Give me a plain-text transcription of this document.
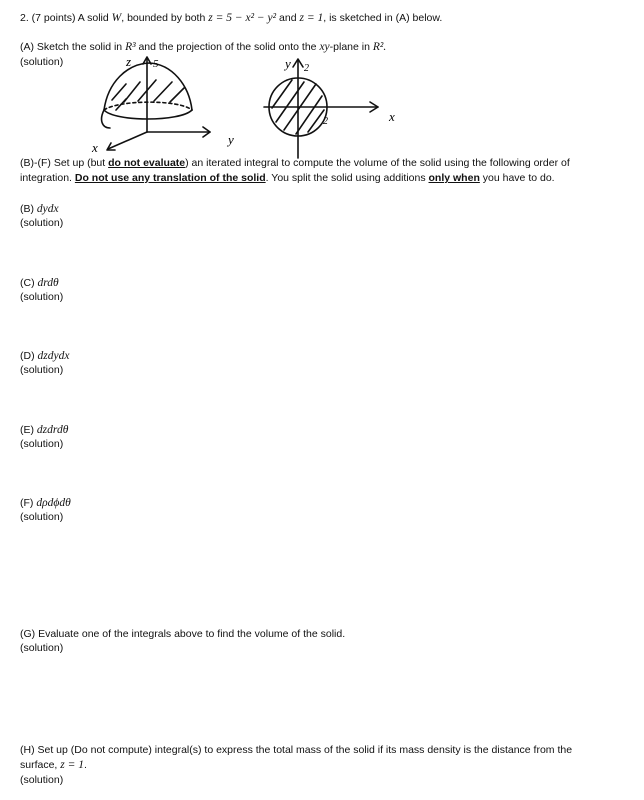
2. (7 points) A solid W, bounded by both z = 5 − x² − y² and z = 1, is sketched in (A) below.
(A) Sketch the solid in R³ and the projection of the solid onto the xy-plane in R².
(solution)	z 5
y
x
y 2
2	x
(B)-(F) Set up (but do not evaluate) an iterated integral to compute the volume of the solid using the following order of integration. Do not use any translation of the solid. You split the solid using additions only when you have to do.
(B) dydx
(solution)
(C) drdθ
(solution)
(D) dzdydx
(solution)
(E) dzdrdθ
(solution)
(F) dρdϕdθ
(solution)
(G) Evaluate one of the integrals above to find the volume of the solid.
(solution)
(H) Set up (Do not compute) integral(s) to express the total mass of the solid if its mass density is the distance from the surface, z = 1.
(solution)
